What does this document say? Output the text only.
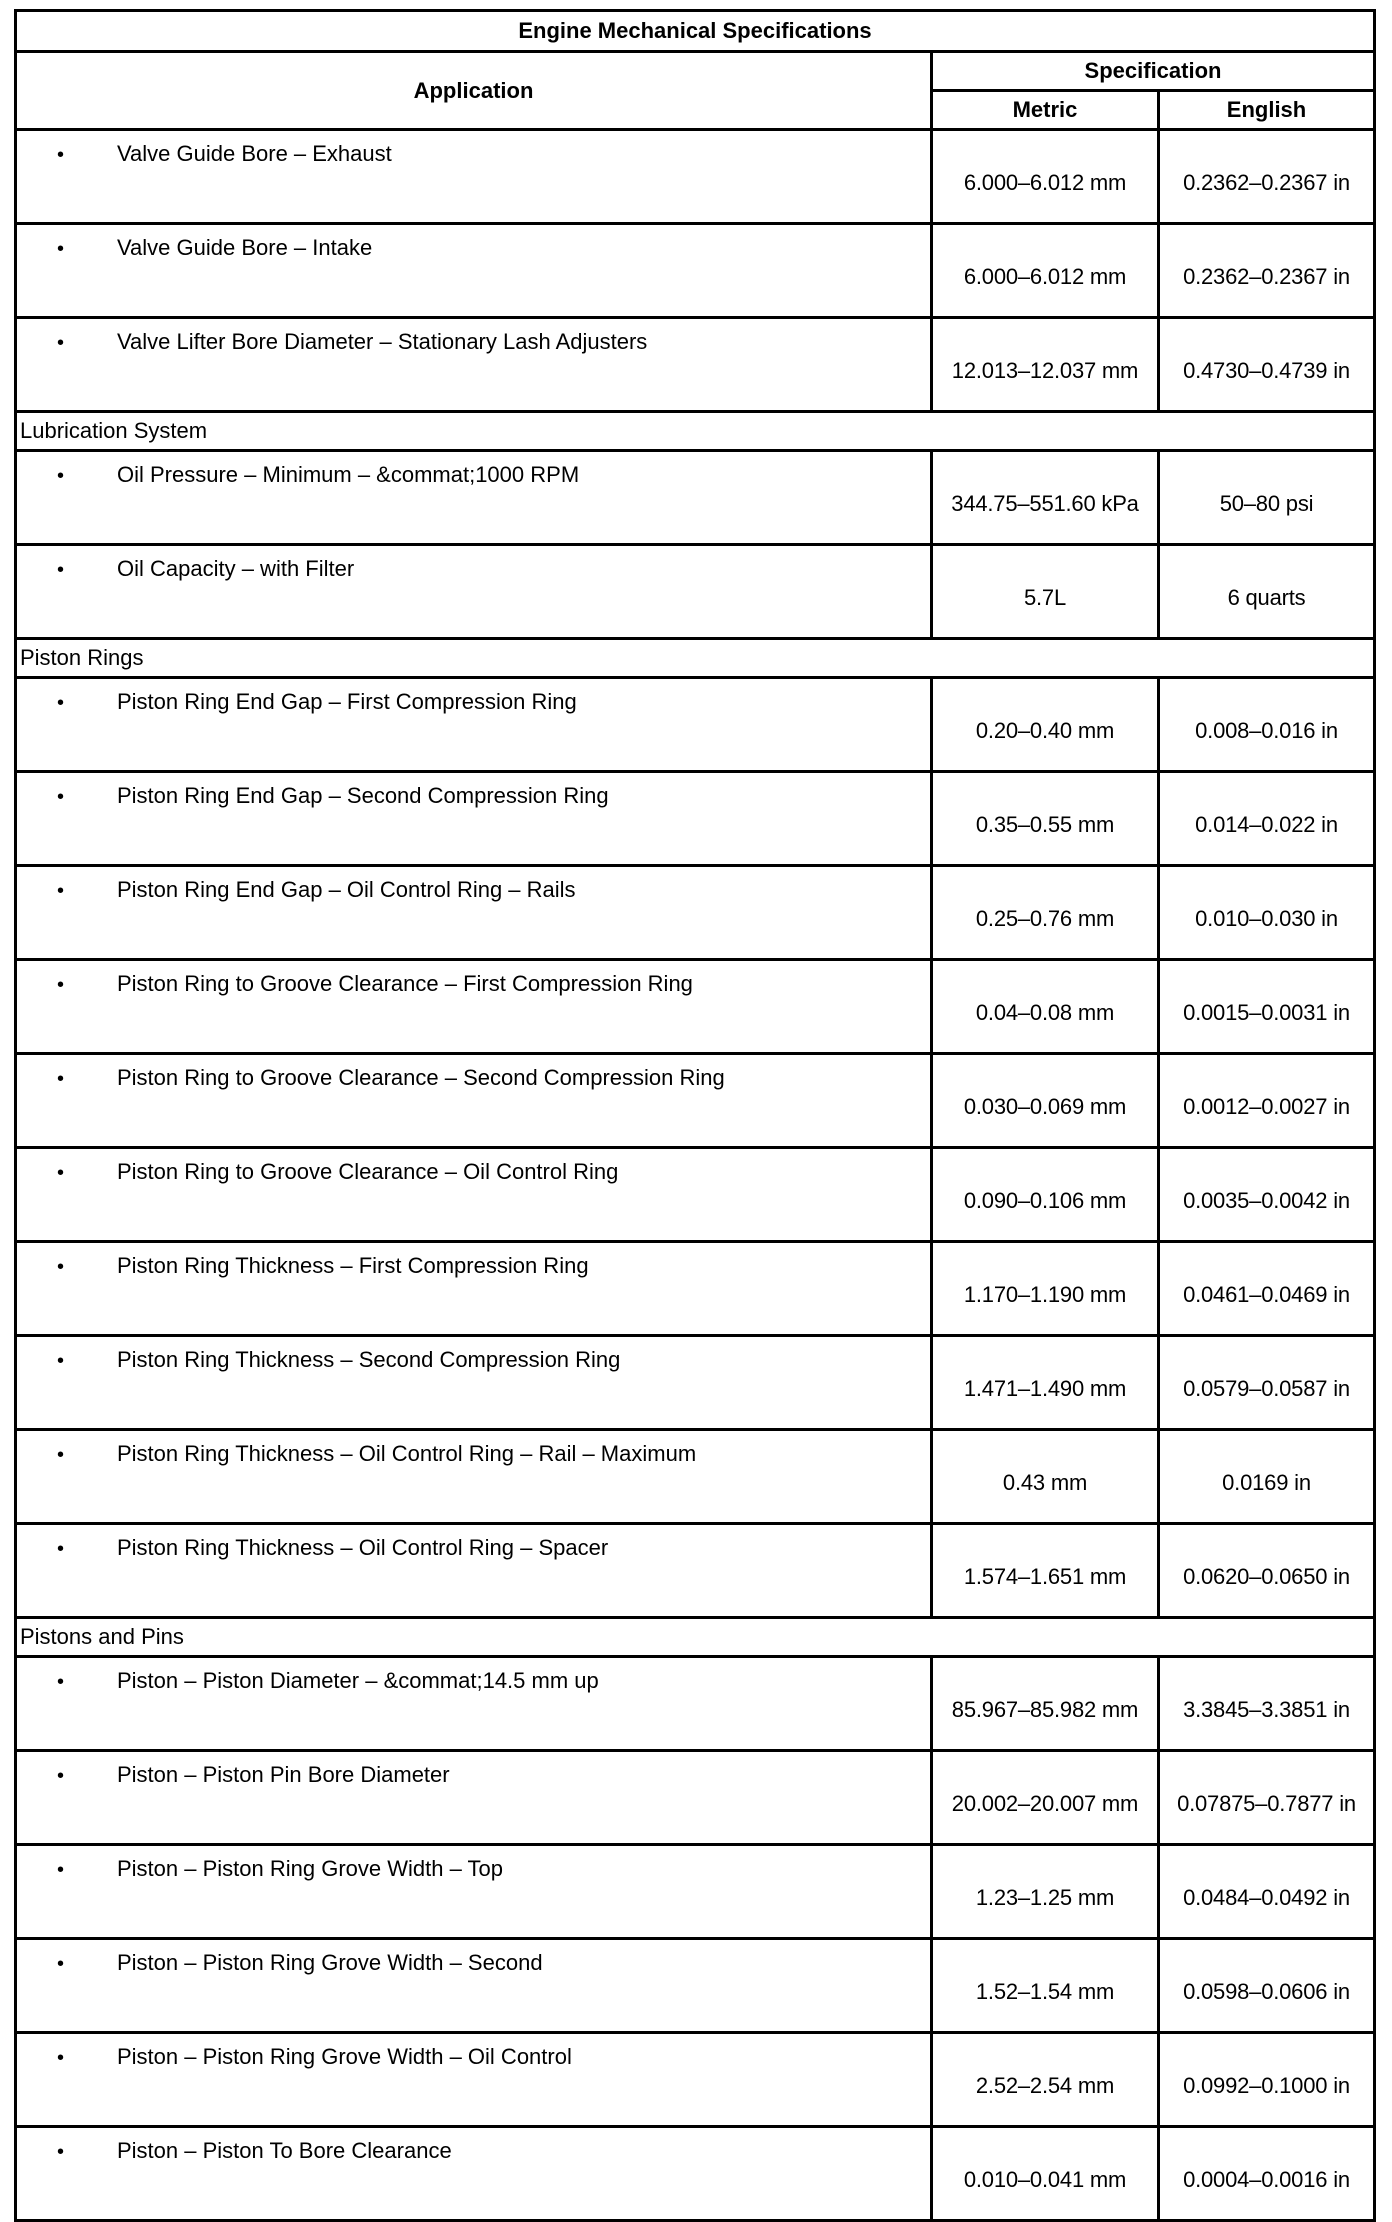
Engine Mechanical Specifications		
Application	Specification	
	Metric	English
• Valve Guide Bore – Exhaust	6.000–6.012 mm	0.2362–0.2367 in
• Valve Guide Bore – Intake	6.000–6.012 mm	0.2362–0.2367 in
• Valve Lifter Bore Diameter – Stationary Lash Adjusters	12.013–12.037 mm	0.4730–0.4739 in
Lubrication System		
• Oil Pressure – Minimum – &commat;1000 RPM	344.75–551.60 kPa	50–80 psi
• Oil Capacity – with Filter	5.7L	6 quarts
Piston Rings		
• Piston Ring End Gap – First Compression Ring	0.20–0.40 mm	0.008–0.016 in
• Piston Ring End Gap – Second Compression Ring	0.35–0.55 mm	0.014–0.022 in
• Piston Ring End Gap – Oil Control Ring – Rails	0.25–0.76 mm	0.010–0.030 in
• Piston Ring to Groove Clearance – First Compression Ring	0.04–0.08 mm	0.0015–0.0031 in
• Piston Ring to Groove Clearance – Second Compression Ring	0.030–0.069 mm	0.0012–0.0027 in
• Piston Ring to Groove Clearance – Oil Control Ring	0.090–0.106 mm	0.0035–0.0042 in
• Piston Ring Thickness – First Compression Ring	1.170–1.190 mm	0.0461–0.0469 in
• Piston Ring Thickness – Second Compression Ring	1.471–1.490 mm	0.0579–0.0587 in
• Piston Ring Thickness – Oil Control Ring – Rail – Maximum	0.43 mm	0.0169 in
• Piston Ring Thickness – Oil Control Ring – Spacer	1.574–1.651 mm	0.0620–0.0650 in
Pistons and Pins		
• Piston – Piston Diameter – &commat;14.5 mm up	85.967–85.982 mm	3.3845–3.3851 in
• Piston – Piston Pin Bore Diameter	20.002–20.007 mm	0.07875–0.7877 in
• Piston – Piston Ring Grove Width – Top	1.23–1.25 mm	0.0484–0.0492 in
• Piston – Piston Ring Grove Width – Second	1.52–1.54 mm	0.0598–0.0606 in
• Piston – Piston Ring Grove Width – Oil Control	2.52–2.54 mm	0.0992–0.1000 in
• Piston – Piston To Bore Clearance	0.010–0.041 mm	0.0004–0.0016 in
